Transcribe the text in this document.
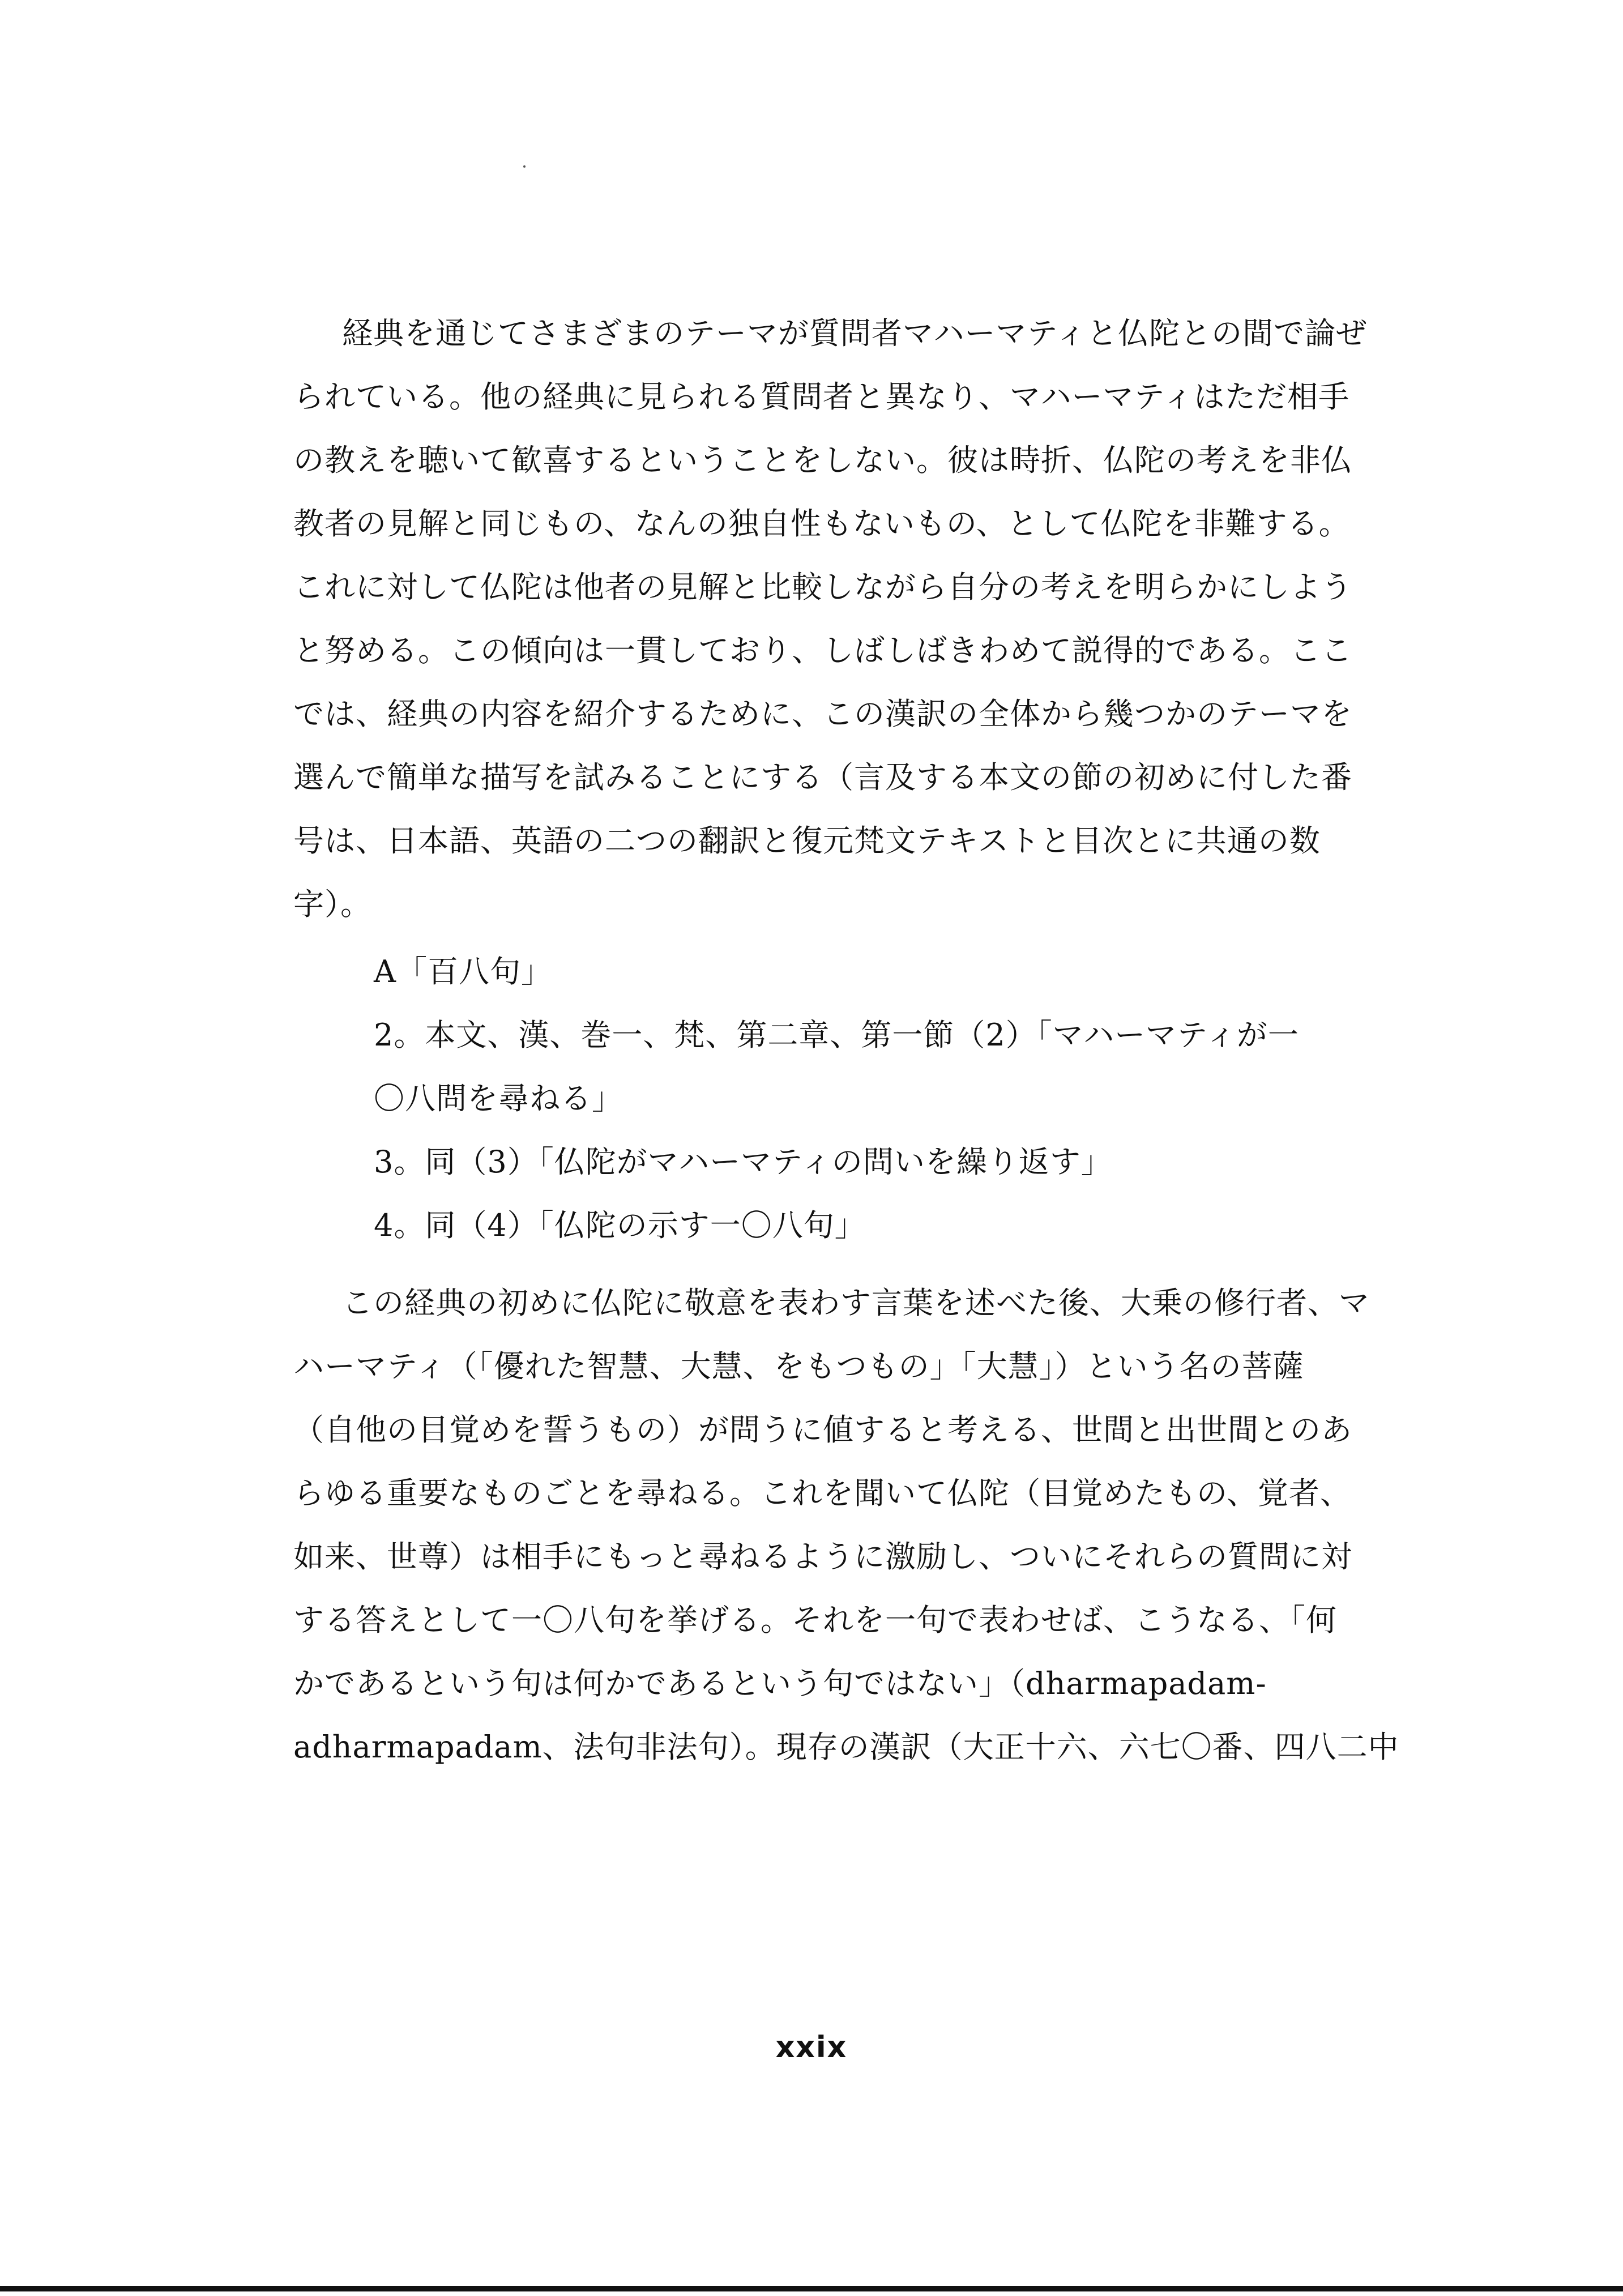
経典を通じてさまざまのテーマが質問者マハーマティと仏陀との間で論ぜ
られている。他の経典に見られる質問者と異なり、マハーマティはただ相手
の教えを聴いて歓喜するということをしない。彼は時折、仏陀の考えを非仏
教者の見解と同じもの、なんの独自性もないもの、として仏陀を非難する。
これに対して仏陀は他者の見解と比較しながら自分の考えを明らかにしよう
と努める。この傾向は一貫しており、しばしばきわめて説得的である。ここ
では、経典の内容を紹介するために、この漢訳の全体から幾つかのテーマを
選んで簡単な描写を試みることにする（言及する本文の節の初めに付した番
号は、日本語、英語の二つの翻訳と復元梵文テキストと目次とに共通の数
字）。
A「百八句」
2。本文、漢、巻一、梵、第二章、第一節（2）「マハーマティが一
〇八問を尋ねる」
3。同（3）「仏陀がマハーマティの問いを繰り返す」
4。同（4）「仏陀の示す一〇八句」
この経典の初めに仏陀に敬意を表わす言葉を述べた後、大乗の修行者、マ
ハーマティ（「優れた智慧、大慧、をもつもの」「大慧」）という名の菩薩
（自他の目覚めを誓うもの）が問うに値すると考える、世間と出世間とのあ
らゆる重要なものごとを尋ねる。これを聞いて仏陀（目覚めたもの、覚者、
如来、世尊）は相手にもっと尋ねるように激励し、ついにそれらの質問に対
する答えとして一〇八句を挙げる。それを一句で表わせば、こうなる、「何
かであるという句は何かであるという句ではない」（dharmapadam-
adharmapadam、法句非法句）。現存の漢訳（大正十六、六七〇番、四八二中
xxix
